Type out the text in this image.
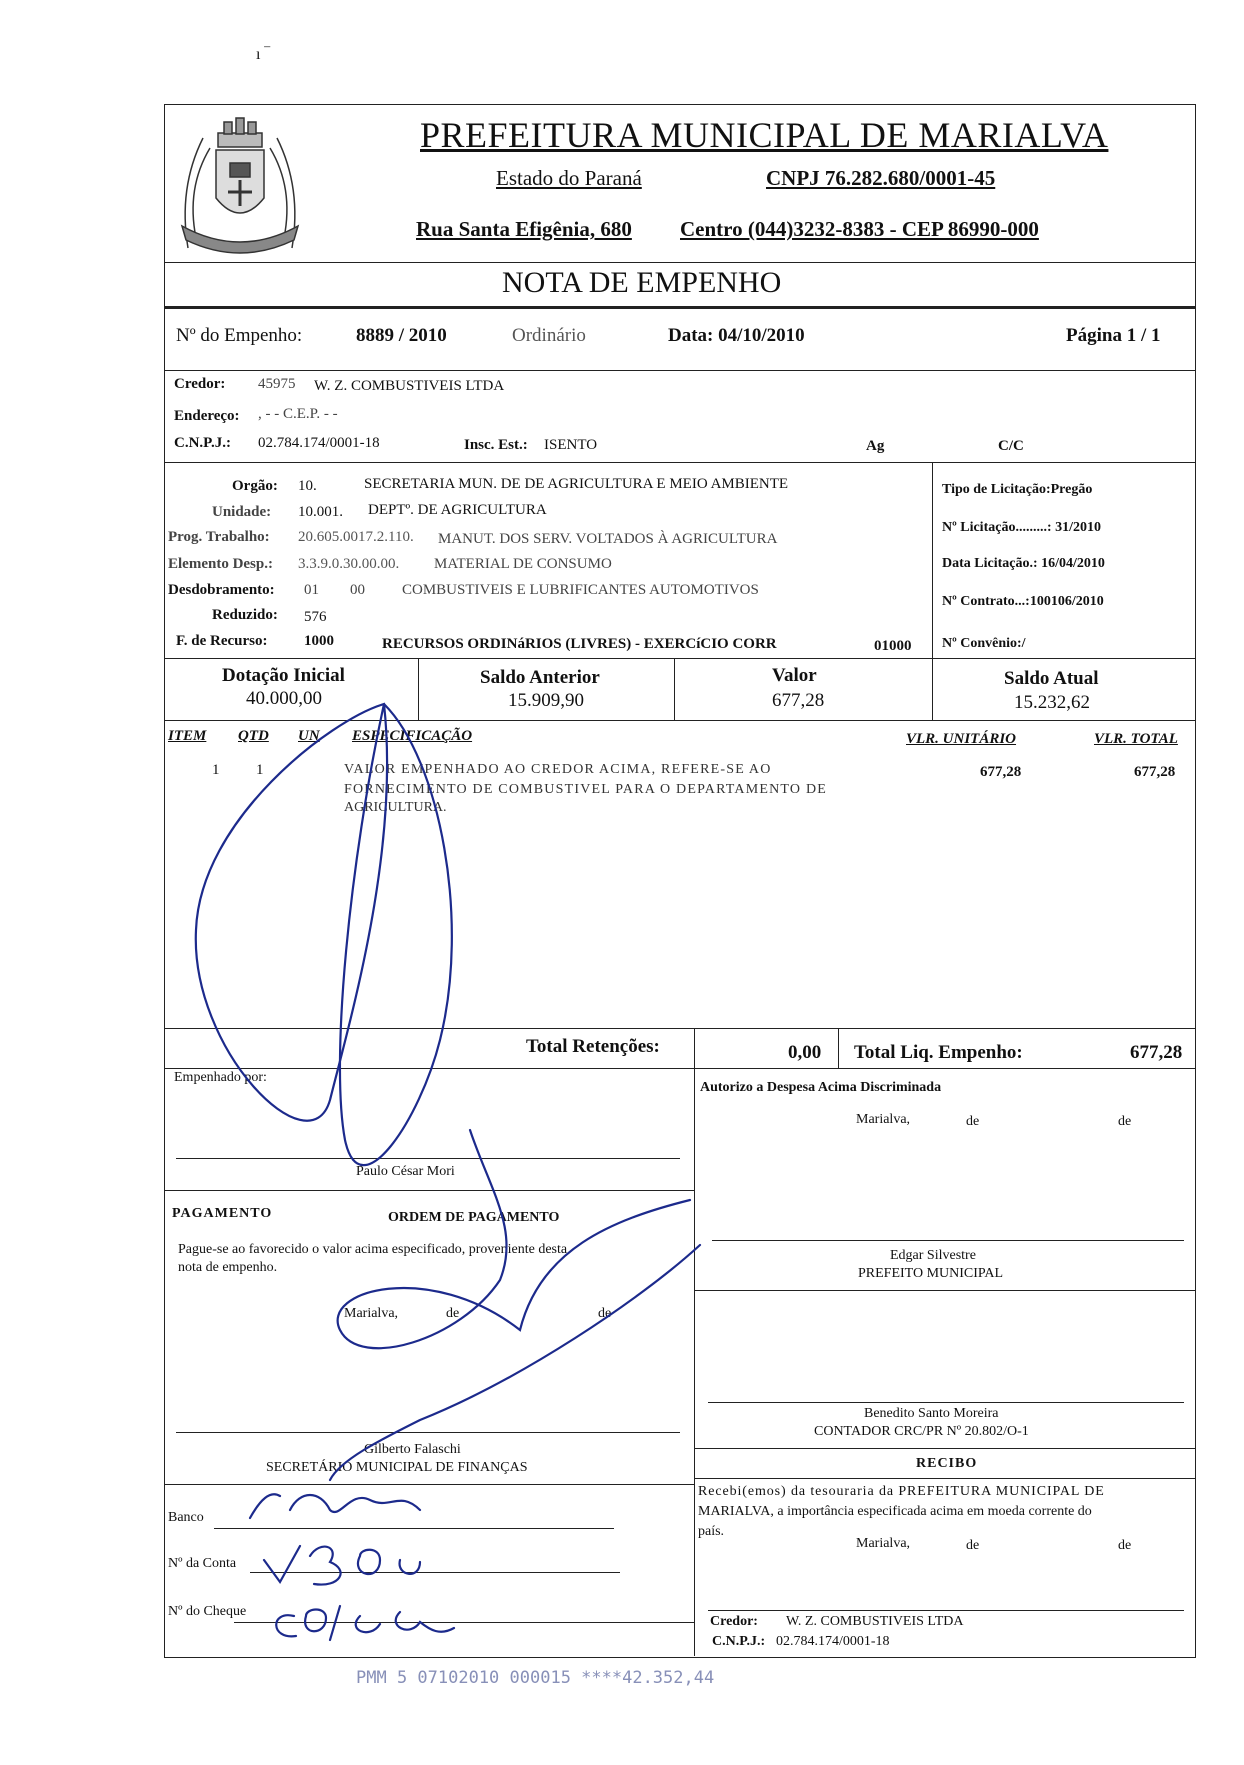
ı ‾
PREFEITURA MUNICIPAL DE MARIALVA
Estado do Paraná	CNPJ 76.282.680/0001-45
Rua Santa Efigênia, 680 Centro (044)3232-8383 - CEP 86990-000
NOTA DE EMPENHO
Nº do Empenho:	8889 / 2010	Ordinário	Data: 04/10/2010	Página 1 / 1
Credor: 45975 W. Z. COMBUSTIVEIS LTDA
Endereço: , - - C.E.P. - -
C.N.P.J.: 02.784.174/0001-18	Insc. Est.: ISENTO	Ag	C/C
Orgão: 10.	SECRETARIA MUN. DE DE AGRICULTURA E MEIO AMBIENTE
Unidade: 10.001. DEPTº. DE AGRICULTURA
Prog. Trabalho: 20.605.0017.2.110. MANUT. DOS SERV. VOLTADOS À AGRICULTURA
Elemento Desp.: 3.3.9.0.30.00.00. MATERIAL DE CONSUMO
Desdobramento: 01 00 COMBUSTIVEIS E LUBRIFICANTES AUTOMOTIVOS
Reduzido: 576
F. de Recurso: 1000	RECURSOS ORDINáRIOS (LIVRES) - EXERCíCIO CORR	01000
Tipo de Licitação:Pregão
Nº Licitação.........: 31/2010
Data Licitação.: 16/04/2010
Nº Contrato...:100106/2010
Nº Convênio:/
Dotação Inicial
40.000,00
Saldo Anterior
15.909,90
Valor
677,28
Saldo Atual
15.232,62
ITEM QTD UN ESPECIFICAÇÃO	VLR. UNITÁRIO	VLR. TOTAL
1 1	VALOR EMPENHADO AO CREDOR ACIMA, REFERE-SE AO
FORNECIMENTO DE COMBUSTIVEL PARA O DEPARTAMENTO DE
AGRICULTURA.
677,28	677,28
Total Retenções:	0,00 Total Liq. Empenho:	677,28
Empenhado por:
Paulo César Mori
Autorizo a Despesa Acima Discriminada
Marialva,	de	de
Edgar Silvestre
PREFEITO MUNICIPAL
PAGAMENTO	ORDEM DE PAGAMENTO
Pague-se ao favorecido o valor acima especificado, proveniente desta
nota de empenho.
Marialva,	de	de
Gilberto Falaschi
SECRETÁRIO MUNICIPAL DE FINANÇAS
Benedito Santo Moreira
CONTADOR CRC/PR Nº 20.802/O-1
RECIBO
Recebi(emos) da tesouraria da PREFEITURA MUNICIPAL DE
MARIALVA, a importância especificada acima em moeda corrente do
país.
Marialva,	de	de
Credor: W. Z. COMBUSTIVEIS LTDA
C.N.P.J.: 02.784.174/0001-18
Banco
Nº da Conta
Nº do Cheque
PMM 5 07102010 000015 ****42.352,44
